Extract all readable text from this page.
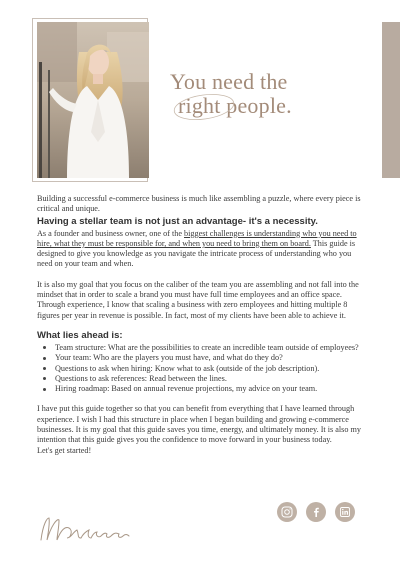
You need the
right people.

Building a successful e-commerce business is much like assembling a puzzle, where every piece is critical and unique.

Having a stellar team is not just an advantage- it's a necessity.

As a founder and business owner, one of the biggest challenges is understanding who you need to hire, what they must be responsible for, and when you need to bring them on board. This guide is designed to give you knowledge as you navigate the intricate process of understanding who you need on your team and when.

It is also my goal that you focus on the caliber of the team you are assembling and not fall into the mindset that in order to scale a brand you must have full time employees and an office space. Through experience, I know that scaling a business with zero employees and hitting multiple 8 figures per year in revenue is possible. In fact, most of my clients have been able to achieve it.

What lies ahead is:
Team structure: What are the possibilities to create an incredible team outside of employees?
Your team: Who are the players you must have, and what do they do?
Questions to ask when hiring: Know what to ask (outside of the job description).
Questions to ask references: Read between the lines.
Hiring roadmap: Based on annual revenue projections, my advice on your team.

I have put this guide together so that you can benefit from everything that I have learned through experience. I wish I had this structure in place when I began building and growing e-commerce businesses. It is my goal that this guide saves you time, energy, and ultimately money. It is also my intention that this guide gives you the confidence to move forward in your business today.

Let's get started!
